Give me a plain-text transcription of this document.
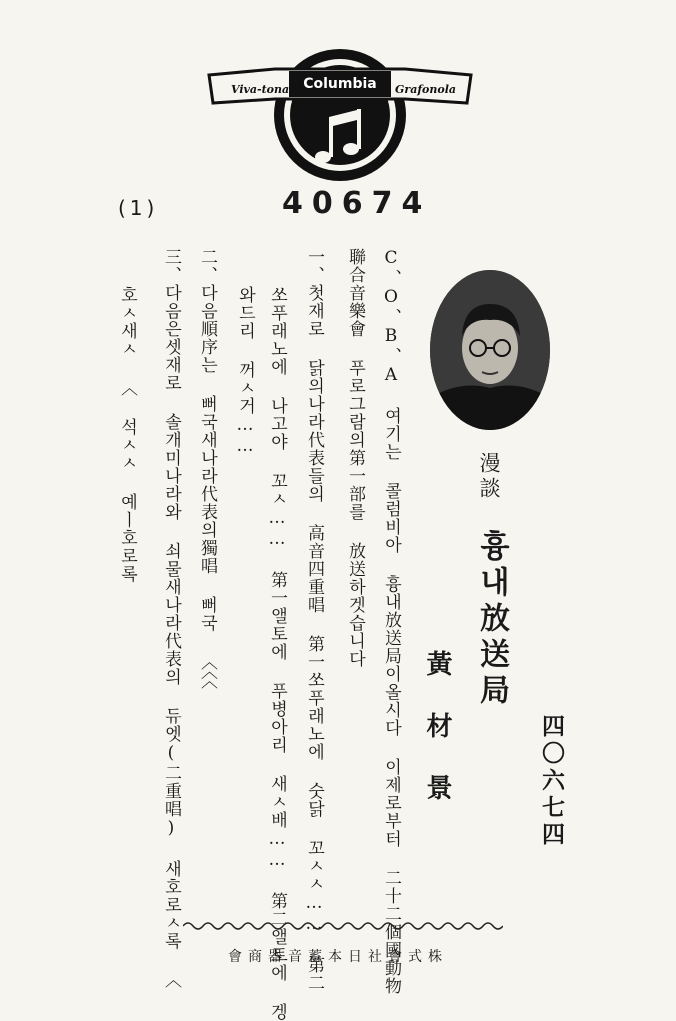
Viva-tonal Columbia	Grafonola
(1)	40674
漫談
흉내放送局
黃材景	四〇六七四
C、O、B、A 여기는 콜럼비아 흉내放送局이올시다 이제로부터 二十二個國動物
聯合音樂會 푸로그람의第一部를 放送하겟습니다
一、첫재로 닭의나라代表들의 高音四重唱 第一쏘푸래노에 숫닭 꼬ㅅㅅ…… 第二
쏘푸래노에 나고야 꼬ㅅ…… 第一앨토에 푸병아리 새ㅅ배…… 第二앨토에 겡
와드리 꺼ㅅ거……
二、다음順序는 뻐국새나라代表의獨唱 뻐국 〈〈〈
三、다음은셋재로 솔개미나라와 쇠물새나라代表의 듀엣(二重唱) 새호로ㅅ록 〈
호ㅅ새ㅅ 〈 석ㅅㅅ 예ㅣ호로록
會商器音蓄本日社會式株
